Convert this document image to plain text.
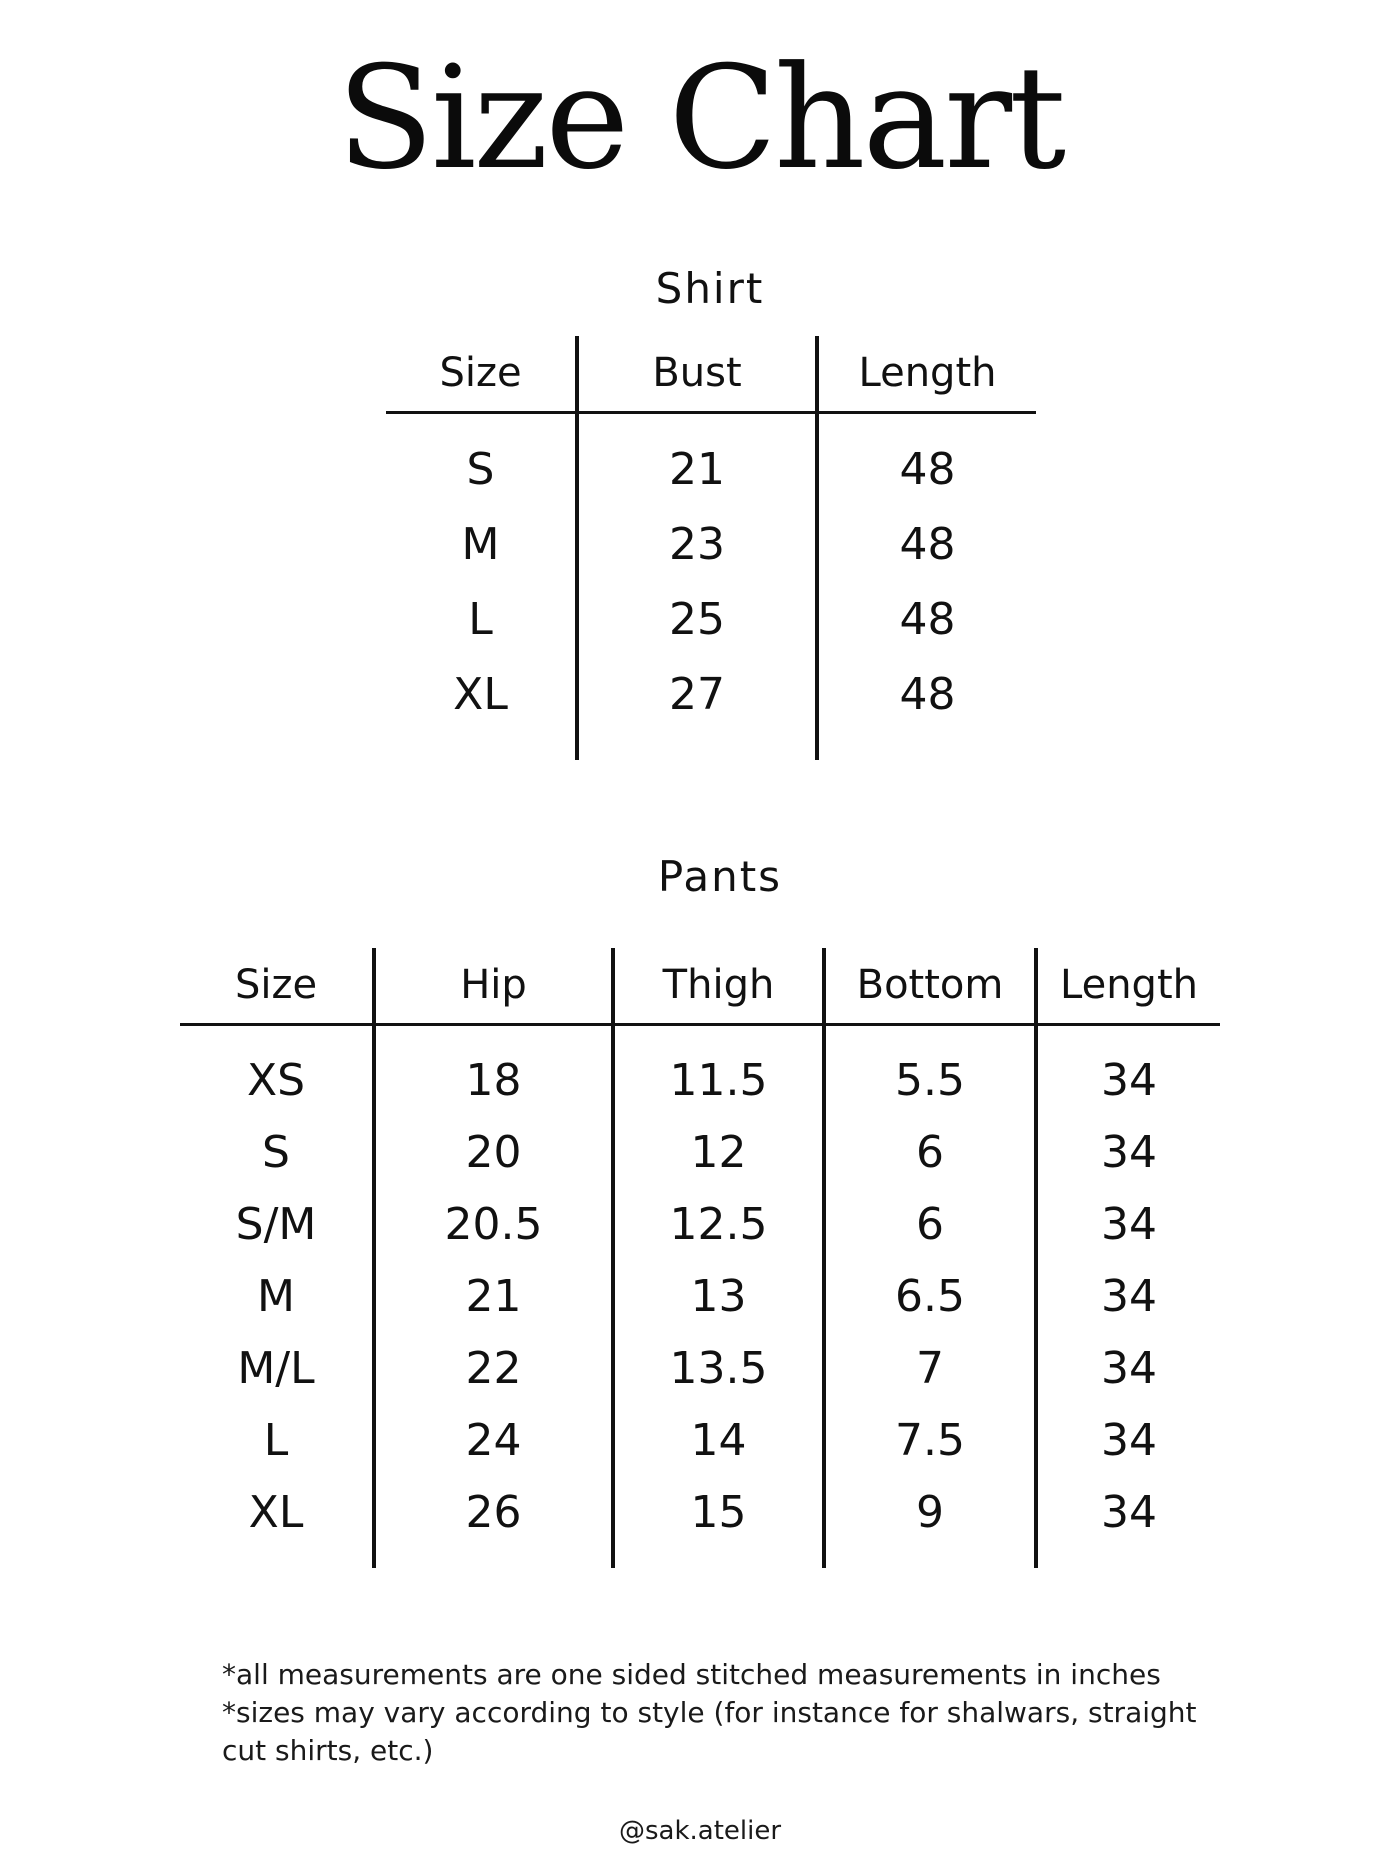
Size Chart
Shirt
Size	Bust	Length
S	21	48
M	23	48
L	25	48
XL	27	48
Pants
Size	Hip	Thigh	Bottom	Length
XS	18	11.5	5.5	34
S	20	12	6	34
S/M	20.5	12.5	6	34
M	21	13	6.5	34
M/L	22	13.5	7	34
L	24	14	7.5	34
XL	26	15	9	34

*all measurements are one sided stitched measurements in inches

*sizes may vary according to style (for instance for shalwars, straight cut shirts, etc.)

@sak.atelier
